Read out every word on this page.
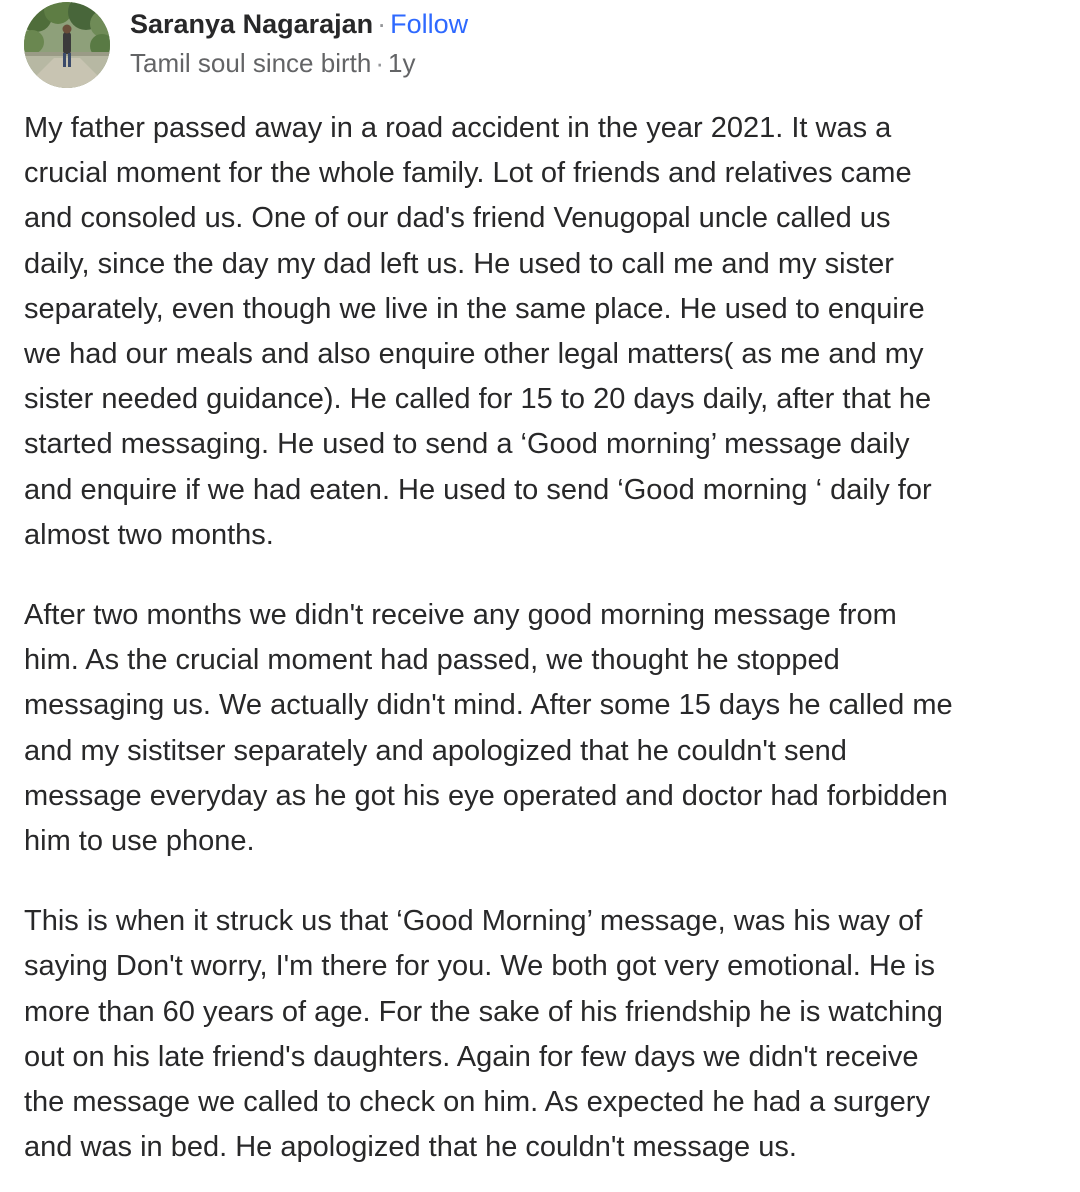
Saranya Nagarajan · Follow
Tamil soul since birth · 1y

My father passed away in a road accident in the year 2021. It was a
crucial moment for the whole family. Lot of friends and relatives came
and consoled us. One of our dad's friend Venugopal uncle called us
daily, since the day my dad left us. He used to call me and my sister
separately, even though we live in the same place. He used to enquire
we had our meals and also enquire other legal matters( as me and my
sister needed guidance). He called for 15 to 20 days daily, after that he
started messaging. He used to send a ‘Good morning’ message daily
and enquire if we had eaten. He used to send ‘Good morning ‘ daily for
almost two months.

After two months we didn't receive any good morning message from
him. As the crucial moment had passed, we thought he stopped
messaging us. We actually didn't mind. After some 15 days he called me
and my sistitser separately and apologized that he couldn't send
message everyday as he got his eye operated and doctor had forbidden
him to use phone.

This is when it struck us that ‘Good Morning’ message, was his way of
saying Don't worry, I'm there for you. We both got very emotional. He is
more than 60 years of age. For the sake of his friendship he is watching
out on his late friend's daughters. Again for few days we didn't receive
the message we called to check on him. As expected he had a surgery
and was in bed. He apologized that he couldn't message us.
